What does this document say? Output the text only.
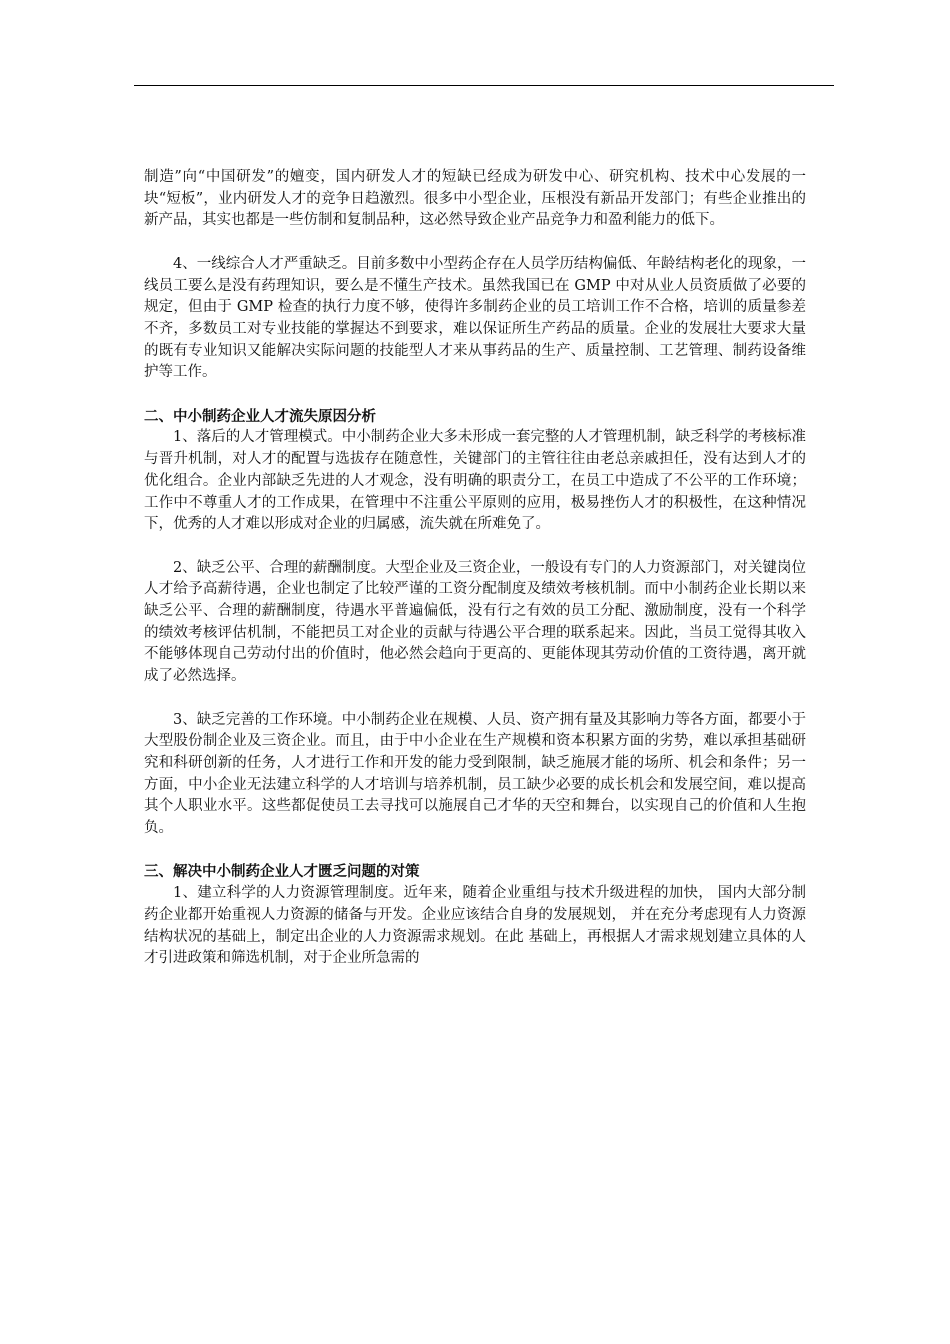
制造”向“中国研发”的嬗变，国内研发人才的短缺已经成为研发中心、研究机构、技术中心发展的一块“短板”，业内研发人才的竞争日趋激烈。很多中小型企业，压根没有新品开发部门；有些企业推出的新产品，其实也都是一些仿制和复制品种，这必然导致企业产品竞争力和盈利能力的低下。

4、一线综合人才严重缺乏。目前多数中小型药企存在人员学历结构偏低、年龄结构老化的现象，一线员工要么是没有药理知识，要么是不懂生产技术。虽然我国已在 GMP 中对从业人员资质做了必要的规定，但由于 GMP 检查的执行力度不够，使得许多制药企业的员工培训工作不合格，培训的质量参差不齐，多数员工对专业技能的掌握达不到要求，难以保证所生产药品的质量。企业的发展壮大要求大量的既有专业知识又能解决实际问题的技能型人才来从事药品的生产、质量控制、工艺管理、制药设备维护等工作。

二、中小制药企业人才流失原因分析

1、落后的人才管理模式。中小制药企业大多未形成一套完整的人才管理机制，缺乏科学的考核标准与晋升机制，对人才的配置与选拔存在随意性，关键部门的主管往往由老总亲戚担任，没有达到人才的优化组合。企业内部缺乏先进的人才观念，没有明确的职责分工，在员工中造成了不公平的工作环境；工作中不尊重人才的工作成果，在管理中不注重公平原则的应用，极易挫伤人才的积极性，在这种情况下，优秀的人才难以形成对企业的归属感，流失就在所难免了。

2、缺乏公平、合理的薪酬制度。大型企业及三资企业，一般设有专门的人力资源部门，对关键岗位人才给予高薪待遇，企业也制定了比较严谨的工资分配制度及绩效考核机制。而中小制药企业长期以来缺乏公平、合理的薪酬制度，待遇水平普遍偏低，没有行之有效的员工分配、激励制度，没有一个科学的绩效考核评估机制，不能把员工对企业的贡献与待遇公平合理的联系起来。因此，当员工觉得其收入不能够体现自己劳动付出的价值时，他必然会趋向于更高的、更能体现其劳动价值的工资待遇，离开就成了必然选择。

3、缺乏完善的工作环境。中小制药企业在规模、人员、资产拥有量及其影响力等各方面，都要小于大型股份制企业及三资企业。而且，由于中小企业在生产规模和资本积累方面的劣势，难以承担基础研究和科研创新的任务，人才进行工作和开发的能力受到限制，缺乏施展才能的场所、机会和条件；另一方面，中小企业无法建立科学的人才培训与培养机制，员工缺少必要的成长机会和发展空间，难以提高其个人职业水平。这些都促使员工去寻找可以施展自己才华的天空和舞台，以实现自己的价值和人生抱负。

三、解决中小制药企业人才匮乏问题的对策

1、建立科学的人力资源管理制度。近年来，随着企业重组与技术升级进程的加快， 国内大部分制药企业都开始重视人力资源的储备与开发。企业应该结合自身的发展规划， 并在充分考虑现有人力资源结构状况的基础上，制定出企业的人力资源需求规划。在此 基础上，再根据人才需求规划建立具体的人才引进政策和筛选机制，对于企业所急需的
